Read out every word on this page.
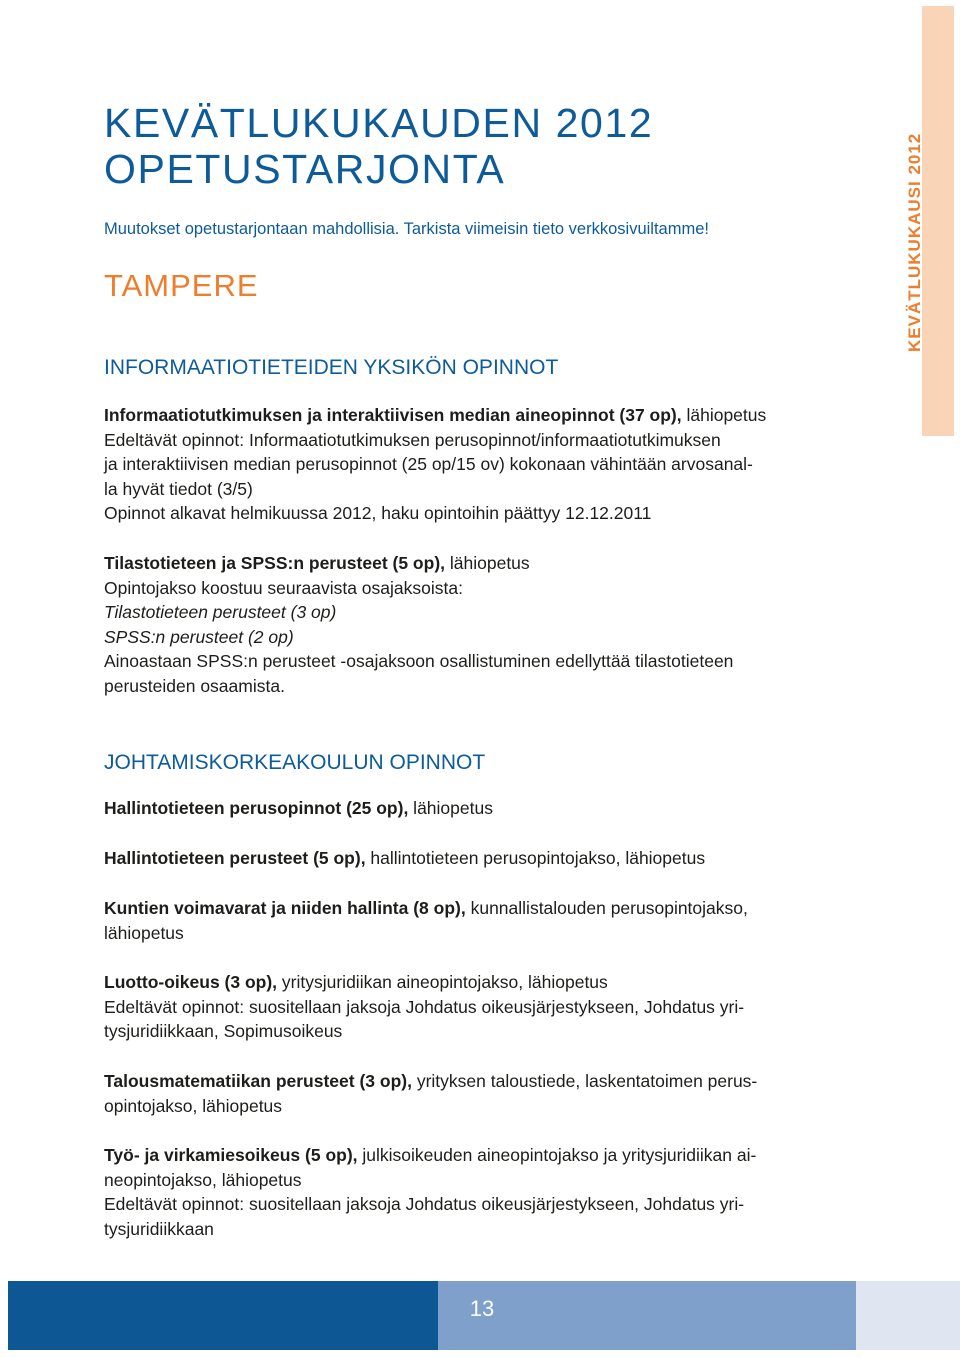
KEVÄTLUKUKAUSI 2012
KEVÄTLUKUKAUDEN 2012
OPETUSTARJONTA

Muutokset opetustarjontaan mahdollisia. Tarkista viimeisin tieto verkkosivuiltamme!

TAMPERE
INFORMAATIOTIETEIDEN YKSIKÖN OPINNOT

Informaatiotutkimuksen ja interaktiivisen median aineopinnot (37 op), lähiopetus

Edeltävät opinnot: Informaatiotutkimuksen perusopinnot/informaatiotutkimuksen

ja interaktiivisen median perusopinnot (25 op/15 ov) kokonaan vähintään arvosanal-

la hyvät tiedot (3/5)

Opinnot alkavat helmikuussa 2012, haku opintoihin päättyy 12.12.2011

Tilastotieteen ja SPSS:n perusteet (5 op), lähiopetus

Opintojakso koostuu seuraavista osajaksoista:

Tilastotieteen perusteet (3 op)

SPSS:n perusteet (2 op)

Ainoastaan SPSS:n perusteet -osajaksoon osallistuminen edellyttää tilastotieteen

perusteiden osaamista.

JOHTAMISKORKEAKOULUN OPINNOT

Hallintotieteen perusopinnot (25 op), lähiopetus

Hallintotieteen perusteet (5 op), hallintotieteen perusopintojakso, lähiopetus

Kuntien voimavarat ja niiden hallinta (8 op), kunnallistalouden perusopintojakso,

lähiopetus

Luotto-oikeus (3 op), yritysjuridiikan aineopintojakso, lähiopetus

Edeltävät opinnot: suositellaan jaksoja Johdatus oikeusjärjestykseen, Johdatus yri-

tysjuridiikkaan, Sopimusoikeus

Talousmatematiikan perusteet (3 op), yrityksen taloustiede, laskentatoimen perus-

opintojakso, lähiopetus

Työ- ja virkamiesoikeus (5 op), julkisoikeuden aineopintojakso ja yritysjuridiikan ai-

neopintojakso, lähiopetus

Edeltävät opinnot: suositellaan jaksoja Johdatus oikeusjärjestykseen, Johdatus yri-

tysjuridiikkaan

13
